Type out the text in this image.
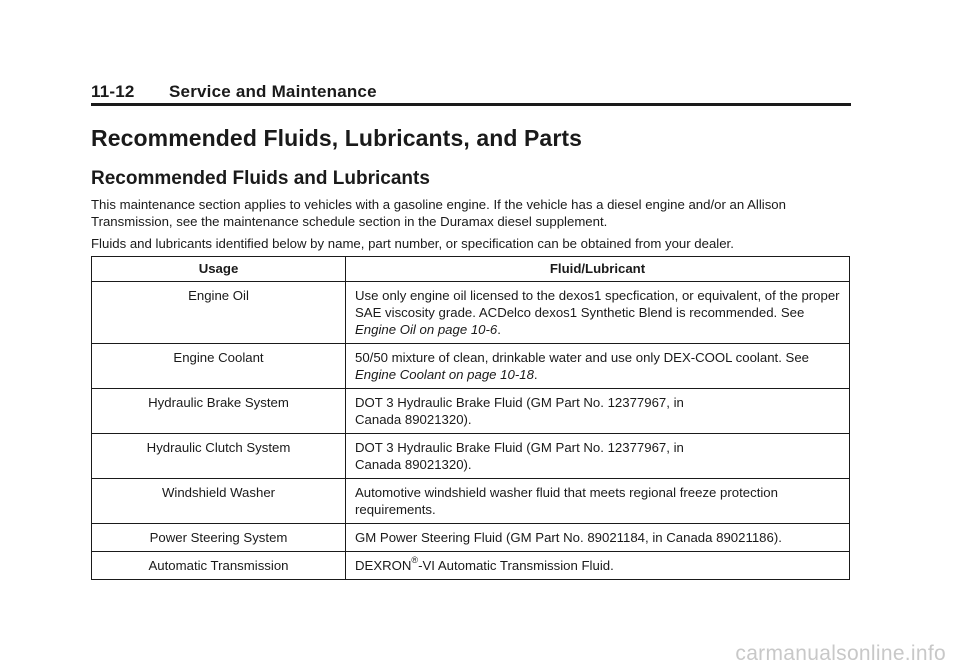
11-12 Service and Maintenance
Recommended Fluids, Lubricants, and Parts
Recommended Fluids and Lubricants

This maintenance section applies to vehicles with a gasoline engine. If the vehicle has a diesel engine and/or an Allison Transmission, see the maintenance schedule section in the Duramax diesel supplement.

Fluids and lubricants identified below by name, part number, or specification can be obtained from your dealer.

Usage	Fluid/Lubricant
Engine Oil	Use only engine oil licensed to the dexos1 specfication, or equivalent, of the proper SAE viscosity grade. ACDelco dexos1 Synthetic Blend is recommended. See Engine Oil on page 10-6.
Engine Coolant	50/50 mixture of clean, drinkable water and use only DEX-COOL coolant. See Engine Coolant on page 10-18.
Hydraulic Brake System	DOT 3 Hydraulic Brake Fluid (GM Part No. 12377967, in
Canada 89021320).
Hydraulic Clutch System	DOT 3 Hydraulic Brake Fluid (GM Part No. 12377967, in
Canada 89021320).
Windshield Washer	Automotive windshield washer fluid that meets regional freeze protection requirements.
Power Steering System	GM Power Steering Fluid (GM Part No. 89021184, in Canada 89021186).
Automatic Transmission	DEXRON®-VI Automatic Transmission Fluid.
carmanualsonline.info
